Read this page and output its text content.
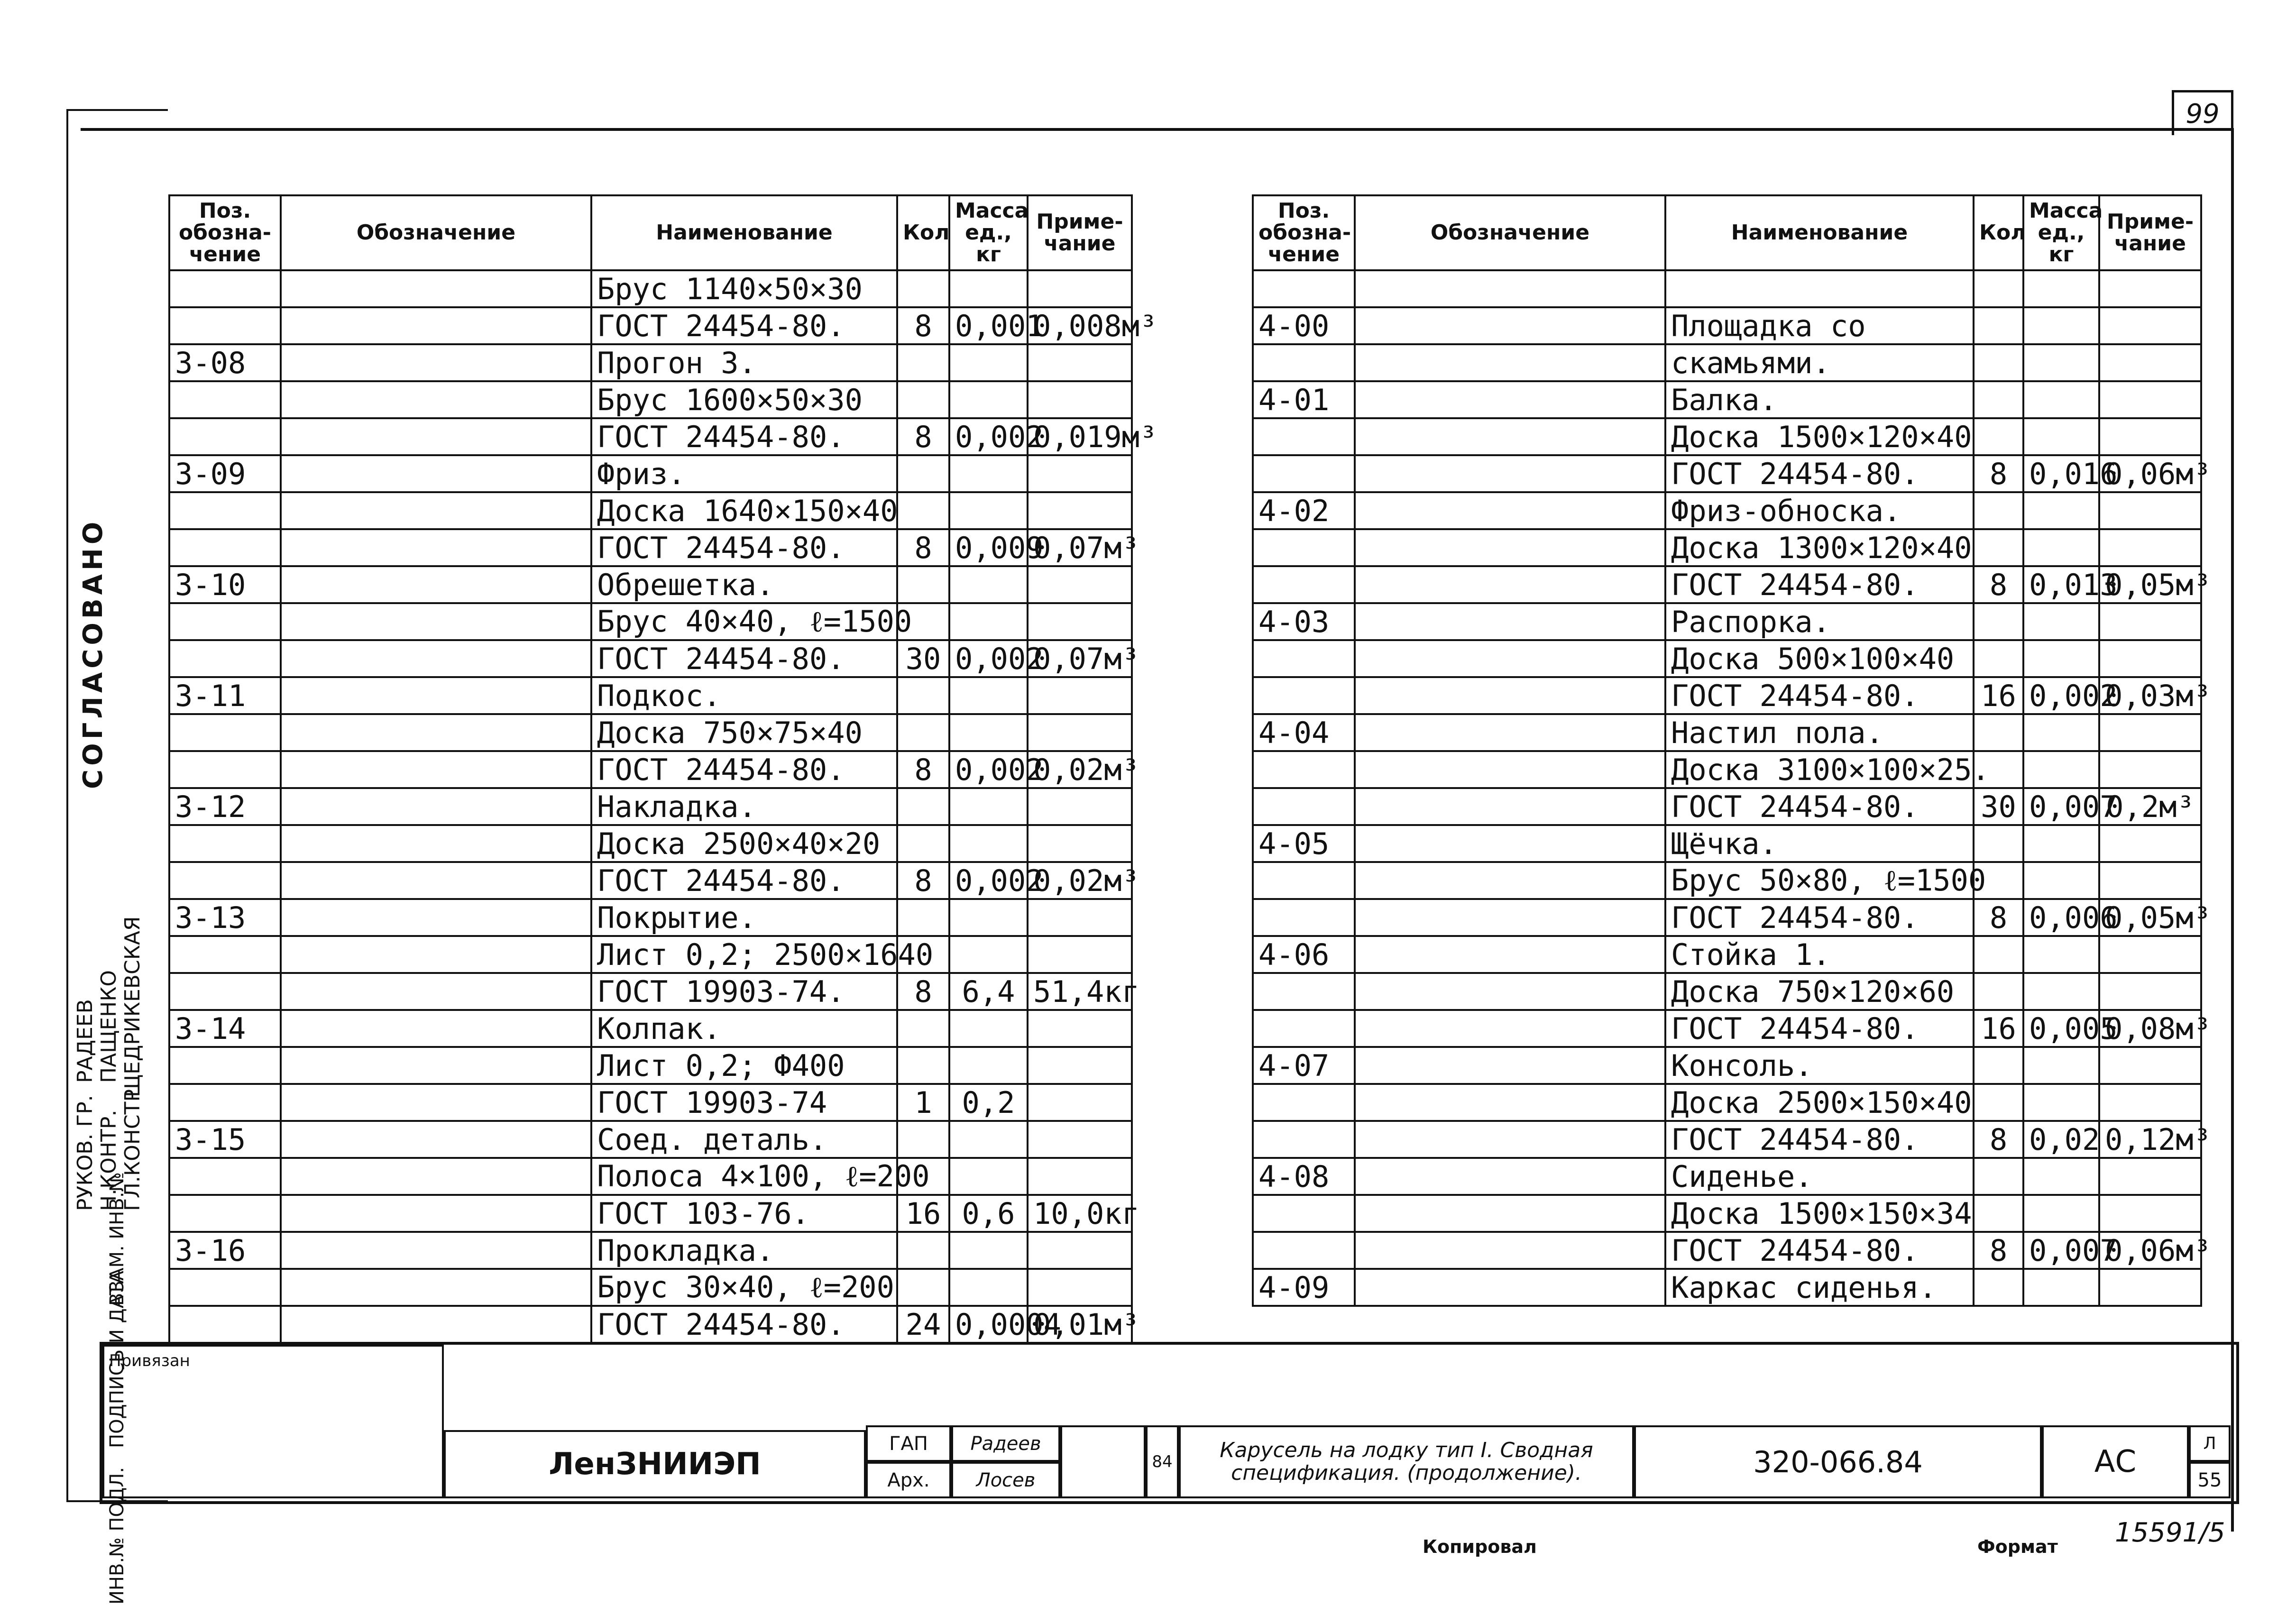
99
СОГЛАСОВАНО
РУКОВ. ГР. Н.КОНТР. ГЛ.КОНСТР.
РАДЕЕВ ПАЩЕНКО ЩЕДРИКЕВСКАЯ
ВЗАМ. ИНВ.№
ПОДПИСЬ И ДАТА
ИНВ.№ ПОДЛ.
Поз. обозна- чение	Обозначение	Наименование	Кол	Масса ед., кг	Приме- чание
		Брус 1140×50×30			
		ГОСТ 24454-80.	8	0,001	0,008м³
3-08		Прогон 3.			
		Брус 1600×50×30			
		ГОСТ 24454-80.	8	0,002	0,019м³
3-09		Фриз.			
		Доска 1640×150×40			
		ГОСТ 24454-80.	8	0,009	0,07м³
3-10		Обрешетка.			
		Брус 40×40, ℓ=1500			
		ГОСТ 24454-80.	30	0,002	0,07м³
3-11		Подкос.			
		Доска 750×75×40			
		ГОСТ 24454-80.	8	0,002	0,02м³
3-12		Накладка.			
		Доска 2500×40×20			
		ГОСТ 24454-80.	8	0,002	0,02м³
3-13		Покрытие.			
		Лист 0,2; 2500×1640			
		ГОСТ 19903-74.	8	6,4	51,4кг
3-14		Колпак.			
		Лист 0,2; Ф400			
		ГОСТ 19903-74	1	0,2	
3-15		Соед. деталь.			
		Полоса 4×100, ℓ=200			
		ГОСТ 103-76.	16	0,6	10,0кг
3-16		Прокладка.			
		Брус 30×40, ℓ=200			
		ГОСТ 24454-80.	24	0,0004	0,01м³
Поз. обозна- чение	Обозначение	Наименование	Кол	Масса ед., кг	Приме- чание

4-00		Площадка со			
		скамьями.			
4-01		Балка.			
		Доска 1500×120×40			
		ГОСТ 24454-80.	8	0,016	0,06м³
4-02		Фриз-обноска.			
		Доска 1300×120×40			
		ГОСТ 24454-80.	8	0,013	0,05м³
4-03		Распорка.			
		Доска 500×100×40			
		ГОСТ 24454-80.	16	0,002	0,03м³
4-04		Настил пола.			
		Доска 3100×100×25.			
		ГОСТ 24454-80.	30	0,007	0,2м³
4-05		Щёчка.			
		Брус 50×80, ℓ=1500			
		ГОСТ 24454-80.	8	0,006	0,05м³
4-06		Стойка 1.			
		Доска 750×120×60			
		ГОСТ 24454-80.	16	0,005	0,08м³
4-07		Консоль.			
		Доска 2500×150×40			
		ГОСТ 24454-80.	8	0,02	0,12м³
4-08		Сиденье.			
		Доска 1500×150×34			
		ГОСТ 24454-80.	8	0,007	0,06м³
4-09		Каркас сиденья.			
Привязан
ЛенЗНИИЭП
ГАП
Арх.
Радеев
Лосев
84	Карусель на лодку тип I. Сводная спецификация. (продолжение).	320-066.84	АС
Л
55
Копировал	Формат 15591/5
